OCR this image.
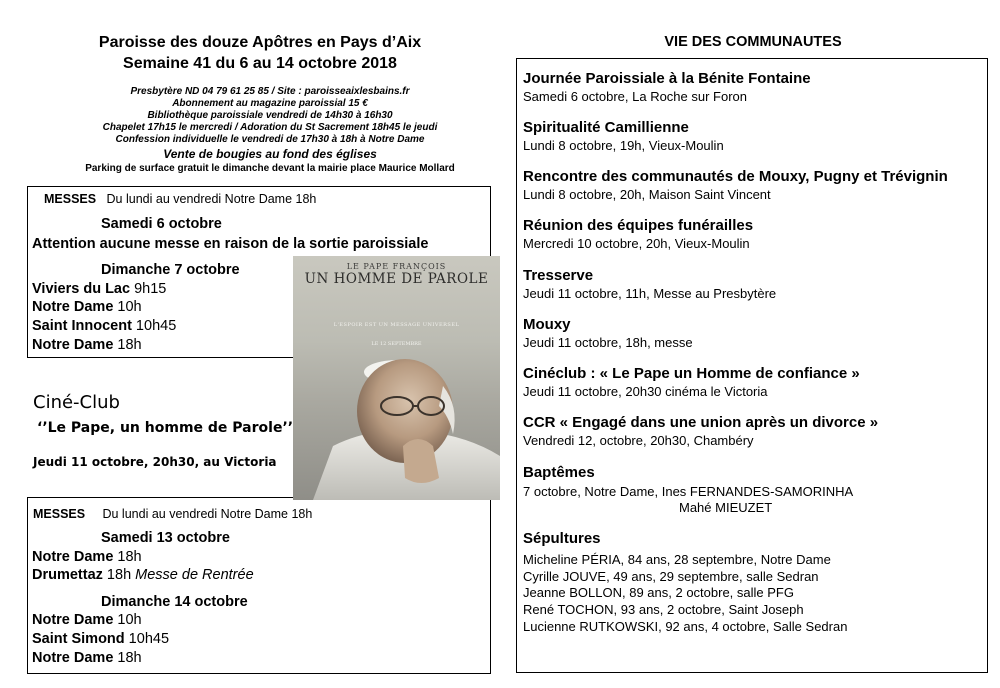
Paroisse des douze Apôtres en Pays d’Aix
Semaine 41 du 6 au 14 octobre 2018
Presbytère ND 04 79 61 25 85 / Site : paroisseaixlesbains.fr
Abonnement au magazine paroissial 15 €
Bibliothèque paroissiale vendredi de 14h30 à 16h30
Chapelet 17h15 le mercredi / Adoration du St Sacrement 18h45 le jeudi
Confession individuelle le vendredi de 17h30 à 18h à Notre Dame
Vente de bougies au fond des églises
Parking de surface gratuit le dimanche devant la mairie place Maurice Mollard
MESSES Du lundi au vendredi Notre Dame 18h
Samedi 6 octobre
Attention aucune messe en raison de la sortie paroissiale
Dimanche 7 octobre
Viviers du Lac 9h15
Notre Dame 10h
Saint Innocent 10h45
Notre Dame 18h
Ciné-Club
‘’Le Pape, un homme de Parole’’
Jeudi 11 octobre, 20h30, au Victoria
MESSES Du lundi au vendredi Notre Dame 18h
Samedi 13 octobre
Notre Dame 18h
Drumettaz 18h Messe de Rentrée
Dimanche 14 octobre
Notre Dame 10h
Saint Simond 10h45
Notre Dame 18h
LE PAPE FRANÇOIS
UN HOMME DE PAROLE
L'ESPOIR EST UN MESSAGE UNIVERSEL
LE 12 SEPTEMBRE
VIE DES COMMUNAUTES
Journée Paroissiale à la Bénite Fontaine
Samedi 6 octobre, La Roche sur Foron
Spiritualité Camillienne
Lundi 8 octobre, 19h, Vieux-Moulin
Rencontre des communautés de Mouxy, Pugny et Trévignin
Lundi 8 octobre, 20h, Maison Saint Vincent
Réunion des équipes funérailles
Mercredi 10 octobre, 20h, Vieux-Moulin
Tresserve
Jeudi 11 octobre, 11h, Messe au Presbytère
Mouxy
Jeudi 11 octobre, 18h, messe
Cinéclub : « Le Pape un Homme de confiance »
Jeudi 11 octobre, 20h30 cinéma le Victoria
CCR « Engagé dans une union après un divorce »
Vendredi 12, octobre, 20h30, Chambéry
Baptêmes
7 octobre, Notre Dame, Ines FERNANDES-SAMORINHA
Mahé MIEUZET
Sépultures
Micheline PÉRIA, 84 ans, 28 septembre, Notre Dame
Cyrille JOUVE, 49 ans, 29 septembre, salle Sedran
Jeanne BOLLON, 89 ans, 2 octobre, salle PFG
René TOCHON, 93 ans, 2 octobre, Saint Joseph
Lucienne RUTKOWSKI, 92 ans, 4 octobre, Salle Sedran
